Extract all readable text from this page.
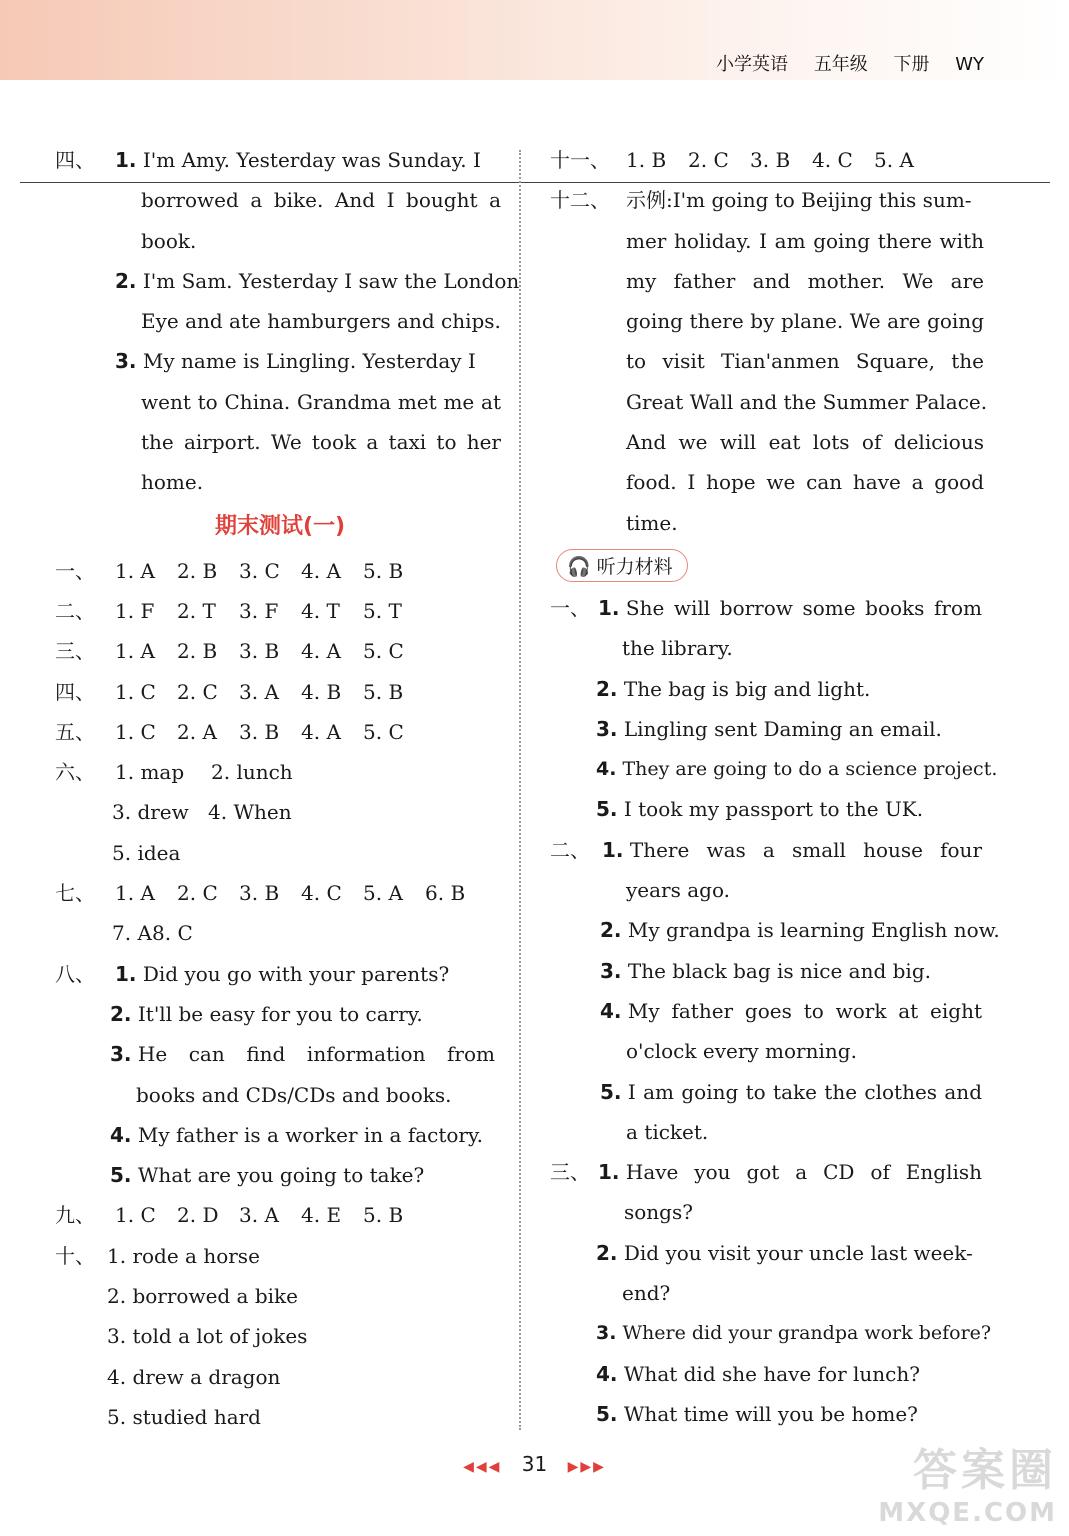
小学英语 五年级 下册 WY
四、 1. I'm Amy. Yesterday was Sunday. I
borrowed a bike. And I bought a
book.
2. I'm Sam. Yesterday I saw the London
Eye and ate hamburgers and chips.
3. My name is Lingling. Yesterday I
went to China. Grandma met me at
the airport. We took a taxi to her
home.
期末测试(一)
一、 1. A 2. B 3. C 4. A 5. B
二、 1. F 2. T 3. F 4. T 5. T
三、 1. A 2. B 3. B 4. A 5. C
四、 1. C 2. C 3. A 4. B 5. B
五、 1. C 2. A 3. B 4. A 5. C
六、 1. map 2. lunch
3. drew 4. When
5. idea
七、 1. A 2. C 3. B 4. C 5. A 6. B
7. A8. C
八、 1. Did you go with your parents?
2. It'll be easy for you to carry.
3.
He can find information from
books and CDs/CDs and books.
4. My father is a worker in a factory.
5. What are you going to take?
九、 1. C 2. D 3. A 4. E 5. B
十、 1. rode a horse
2. borrowed a bike
3. told a lot of jokes
4. drew a dragon
5. studied hard
十一、 1. B 2. C 3. B 4. C 5. A
十二、 示例:I'm going to Beijing this sum-
mer holiday. I am going there with
my father and mother. We are
going there by plane. We are going
to visit Tian'anmen Square, the
Great Wall and the Summer Palace.
And we will eat lots of delicious
food. I hope we can have a good
time.
🎧 听力材料
一、 1.
She will borrow some books from
the library.
2. The bag is big and light.
3. Lingling sent Daming an email.
4. They are going to do a science project.
5. I took my passport to the UK.
二、 1.
There was a small house four
years ago.
2. My grandpa is learning English now.
3. The black bag is nice and big.
4.
My father goes to work at eight
o'clock every morning.
5.
I am going to take the clothes and
a ticket.
三、 1.
Have you got a CD of English
songs?
2. Did you visit your uncle last week-
end?
3. Where did your grandpa work before?
4. What did she have for lunch?
5. What time will you be home?
◀◀◀ 31 ▶▶▶	答案圈
MXQE.COM
